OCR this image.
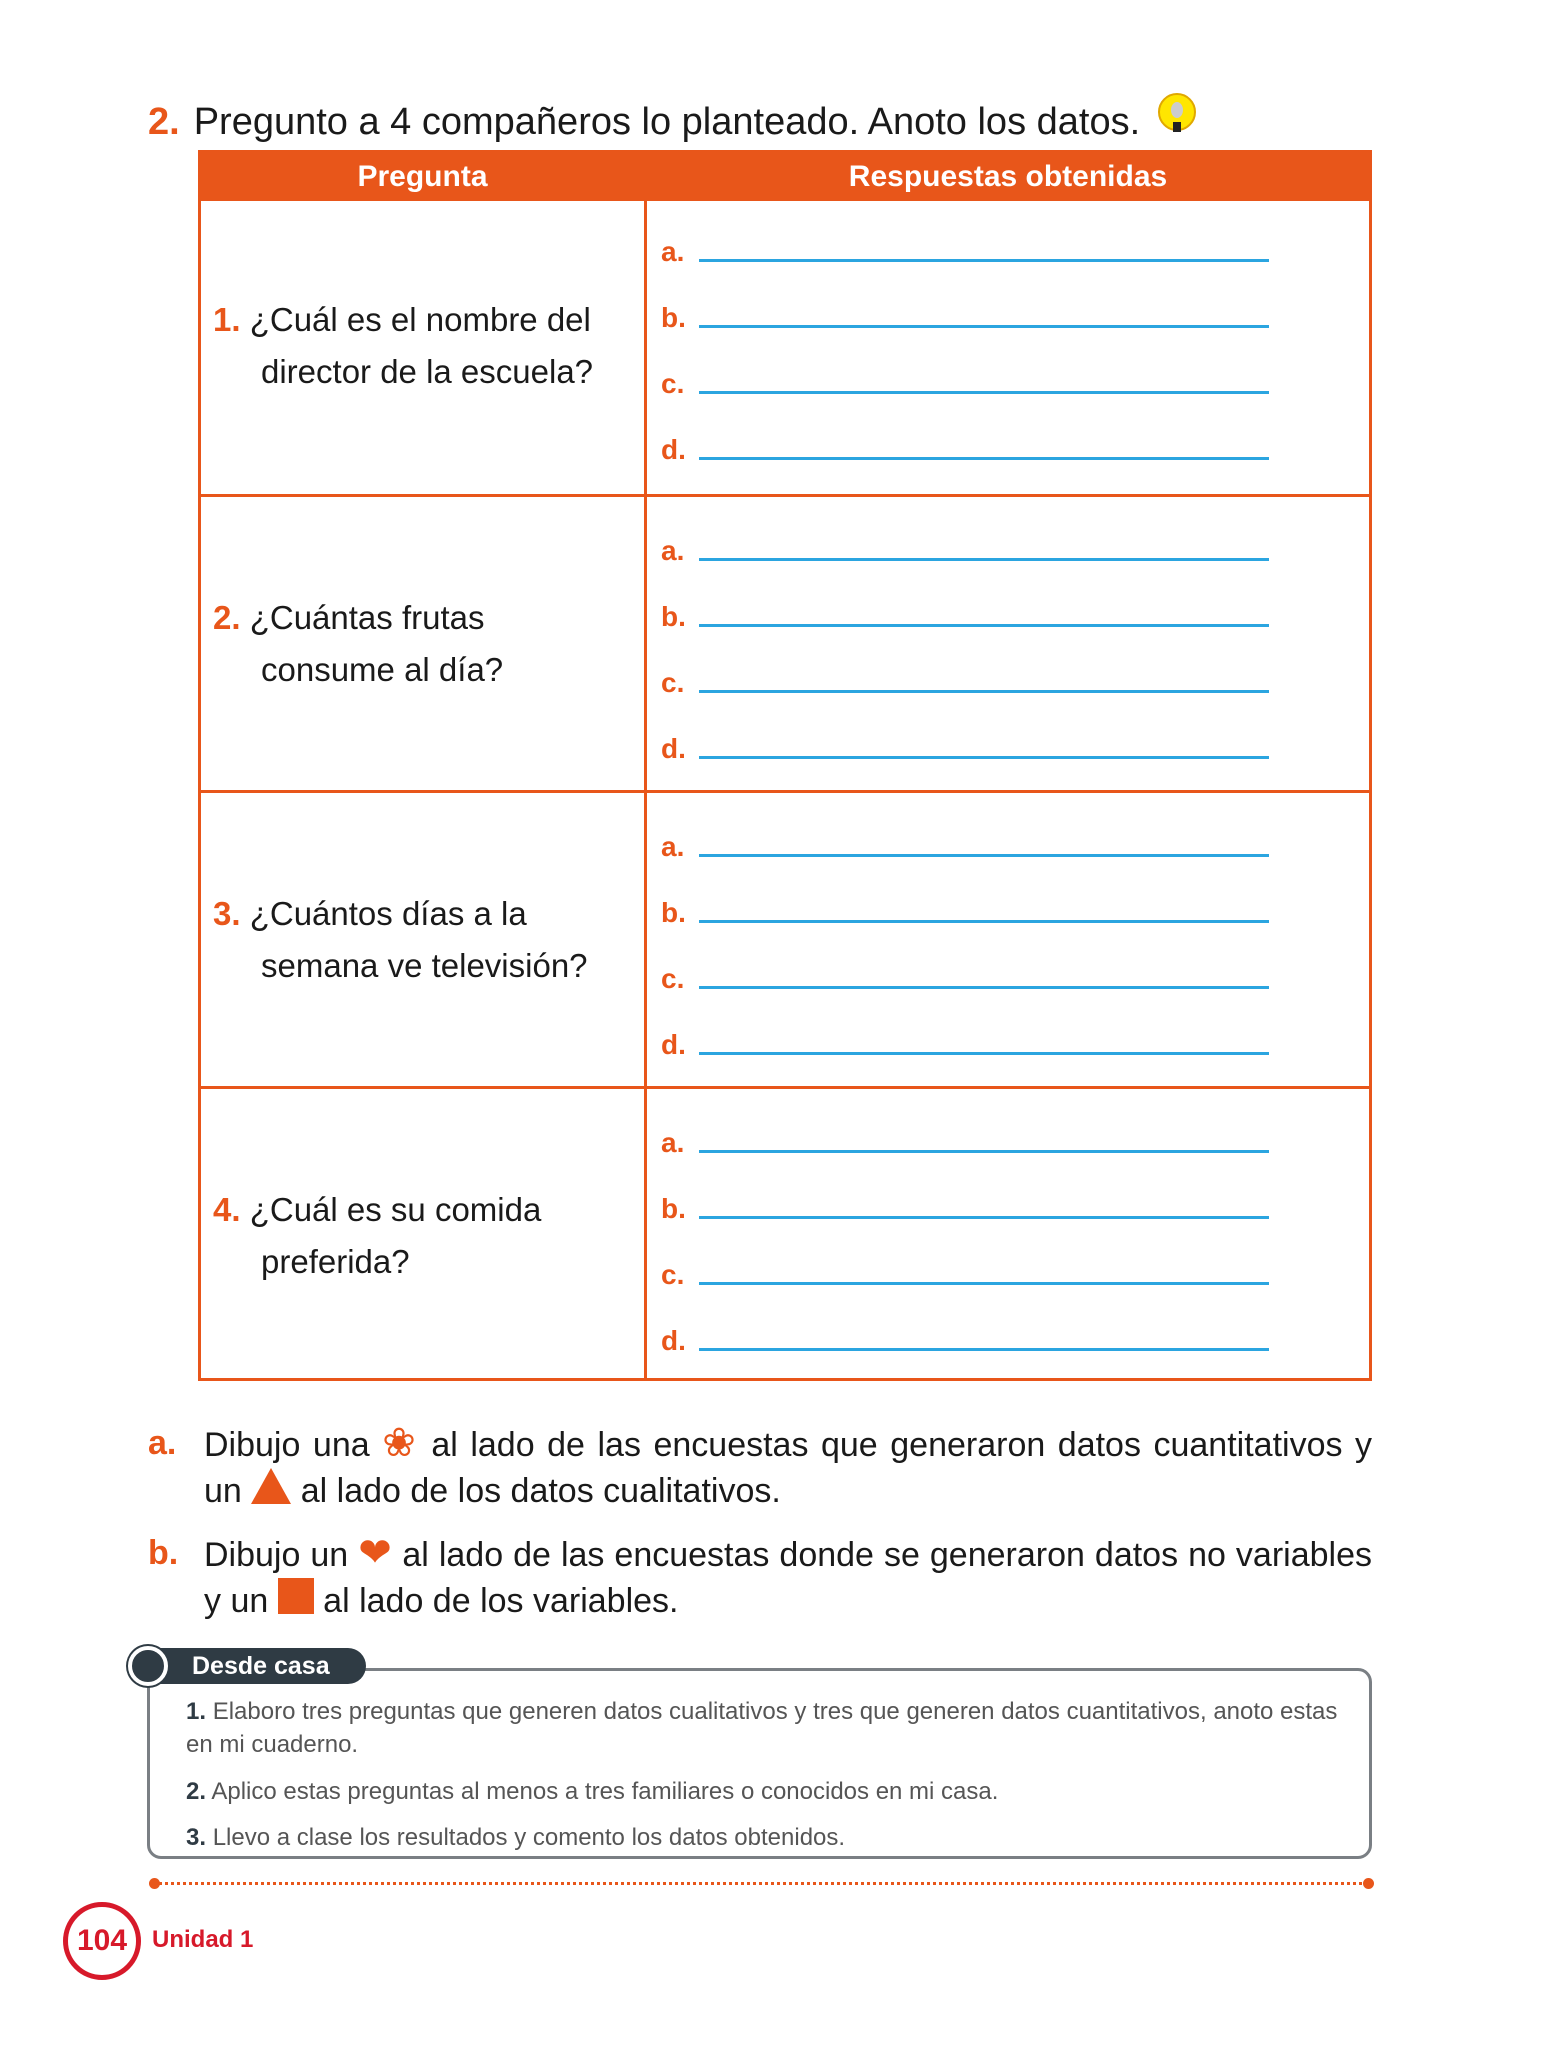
2. Pregunto a 4 compañeros lo planteado. Anoto los datos.
Pregunta	Respuestas obtenidas
1. ¿Cuál es el nombre del
director de la escuela?
a.
b.
c.
d.
2. ¿Cuántas frutas
consume al día?
a.
b.
c.
d.
3. ¿Cuántos días a la
semana ve televisión?
a.
b.
c.
d.
4. ¿Cuál es su comida
preferida?
a.
b.
c.
d.
a. Dibujo una ❀ al lado de las encuestas que generaron datos cuantitativos y un al lado de los datos cualitativos.
b. Dibujo un ❤ al lado de las encuestas donde se generaron datos no variables y un al lado de los variables.
1. Elaboro tres preguntas que generen datos cualitativos y tres que generen datos cuantitativos, anoto estas en mi cuaderno.
2. Aplico estas preguntas al menos a tres familiares o conocidos en mi casa.
3. Llevo a clase los resultados y comento los datos obtenidos.
Desde casa
104	Unidad 1
